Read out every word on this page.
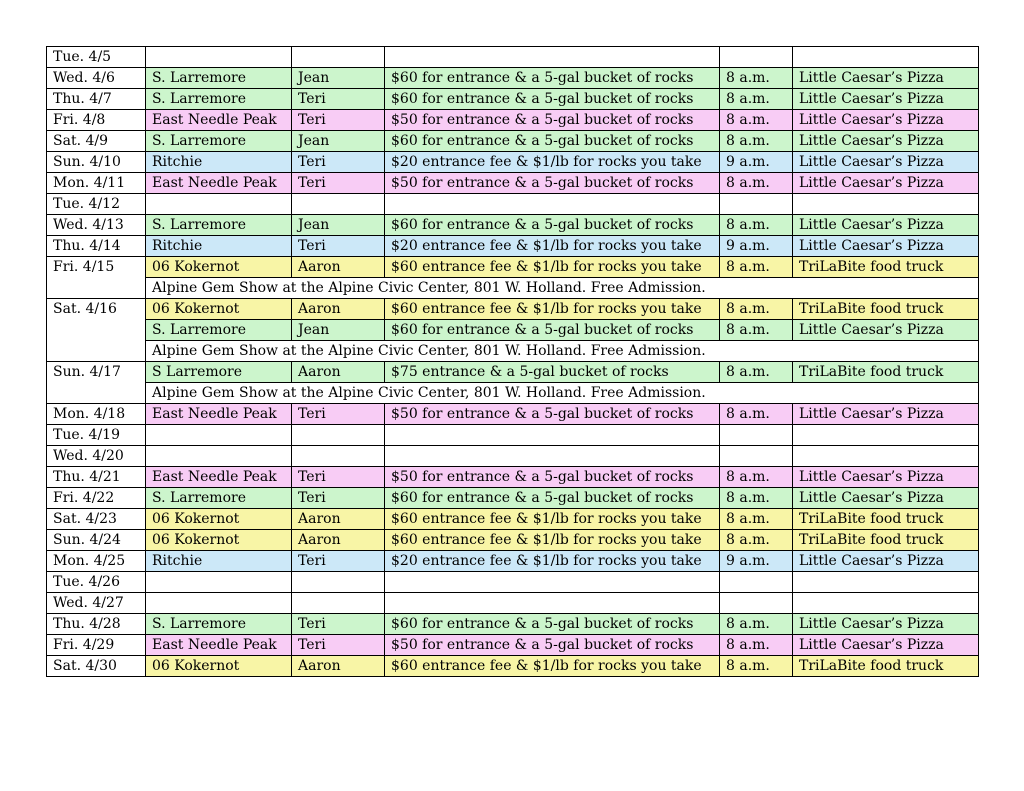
Tue. 4/5					
Wed. 4/6	S. Larremore	Jean	$60 for entrance & a 5-gal bucket of rocks	8 a.m.	Little Caesar’s Pizza
Thu. 4/7	S. Larremore	Teri	$60 for entrance & a 5-gal bucket of rocks	8 a.m.	Little Caesar’s Pizza
Fri. 4/8	East Needle Peak	Teri	$50 for entrance & a 5-gal bucket of rocks	8 a.m.	Little Caesar’s Pizza
Sat. 4/9	S. Larremore	Jean	$60 for entrance & a 5-gal bucket of rocks	8 a.m.	Little Caesar’s Pizza
Sun. 4/10	Ritchie	Teri	$20 entrance fee & $1/lb for rocks you take	9 a.m.	Little Caesar’s Pizza
Mon. 4/11	East Needle Peak	Teri	$50 for entrance & a 5-gal bucket of rocks	8 a.m.	Little Caesar’s Pizza
Tue. 4/12					
Wed. 4/13	S. Larremore	Jean	$60 for entrance & a 5-gal bucket of rocks	8 a.m.	Little Caesar’s Pizza
Thu. 4/14	Ritchie	Teri	$20 entrance fee & $1/lb for rocks you take	9 a.m.	Little Caesar’s Pizza
Fri. 4/15	06 Kokernot	Aaron	$60 entrance fee & $1/lb for rocks you take	8 a.m.	TriLaBite food truck
	Alpine Gem Show at the Alpine Civic Center, 801 W. Holland. Free Admission.				
Sat. 4/16	06 Kokernot	Aaron	$60 entrance fee & $1/lb for rocks you take	8 a.m.	TriLaBite food truck
	S. Larremore	Jean	$60 for entrance & a 5-gal bucket of rocks	8 a.m.	Little Caesar’s Pizza
	Alpine Gem Show at the Alpine Civic Center, 801 W. Holland. Free Admission.				
Sun. 4/17	S Larremore	Aaron	$75 entrance & a 5-gal bucket of rocks	8 a.m.	TriLaBite food truck
	Alpine Gem Show at the Alpine Civic Center, 801 W. Holland. Free Admission.				
Mon. 4/18	East Needle Peak	Teri	$50 for entrance & a 5-gal bucket of rocks	8 a.m.	Little Caesar’s Pizza
Tue. 4/19					
Wed. 4/20					
Thu. 4/21	East Needle Peak	Teri	$50 for entrance & a 5-gal bucket of rocks	8 a.m.	Little Caesar’s Pizza
Fri. 4/22	S. Larremore	Teri	$60 for entrance & a 5-gal bucket of rocks	8 a.m.	Little Caesar’s Pizza
Sat. 4/23	06 Kokernot	Aaron	$60 entrance fee & $1/lb for rocks you take	8 a.m.	TriLaBite food truck
Sun. 4/24	06 Kokernot	Aaron	$60 entrance fee & $1/lb for rocks you take	8 a.m.	TriLaBite food truck
Mon. 4/25	Ritchie	Teri	$20 entrance fee & $1/lb for rocks you take	9 a.m.	Little Caesar’s Pizza
Tue. 4/26					
Wed. 4/27					
Thu. 4/28	S. Larremore	Teri	$60 for entrance & a 5-gal bucket of rocks	8 a.m.	Little Caesar’s Pizza
Fri. 4/29	East Needle Peak	Teri	$50 for entrance & a 5-gal bucket of rocks	8 a.m.	Little Caesar’s Pizza
Sat. 4/30	06 Kokernot	Aaron	$60 entrance fee & $1/lb for rocks you take	8 a.m.	TriLaBite food truck
